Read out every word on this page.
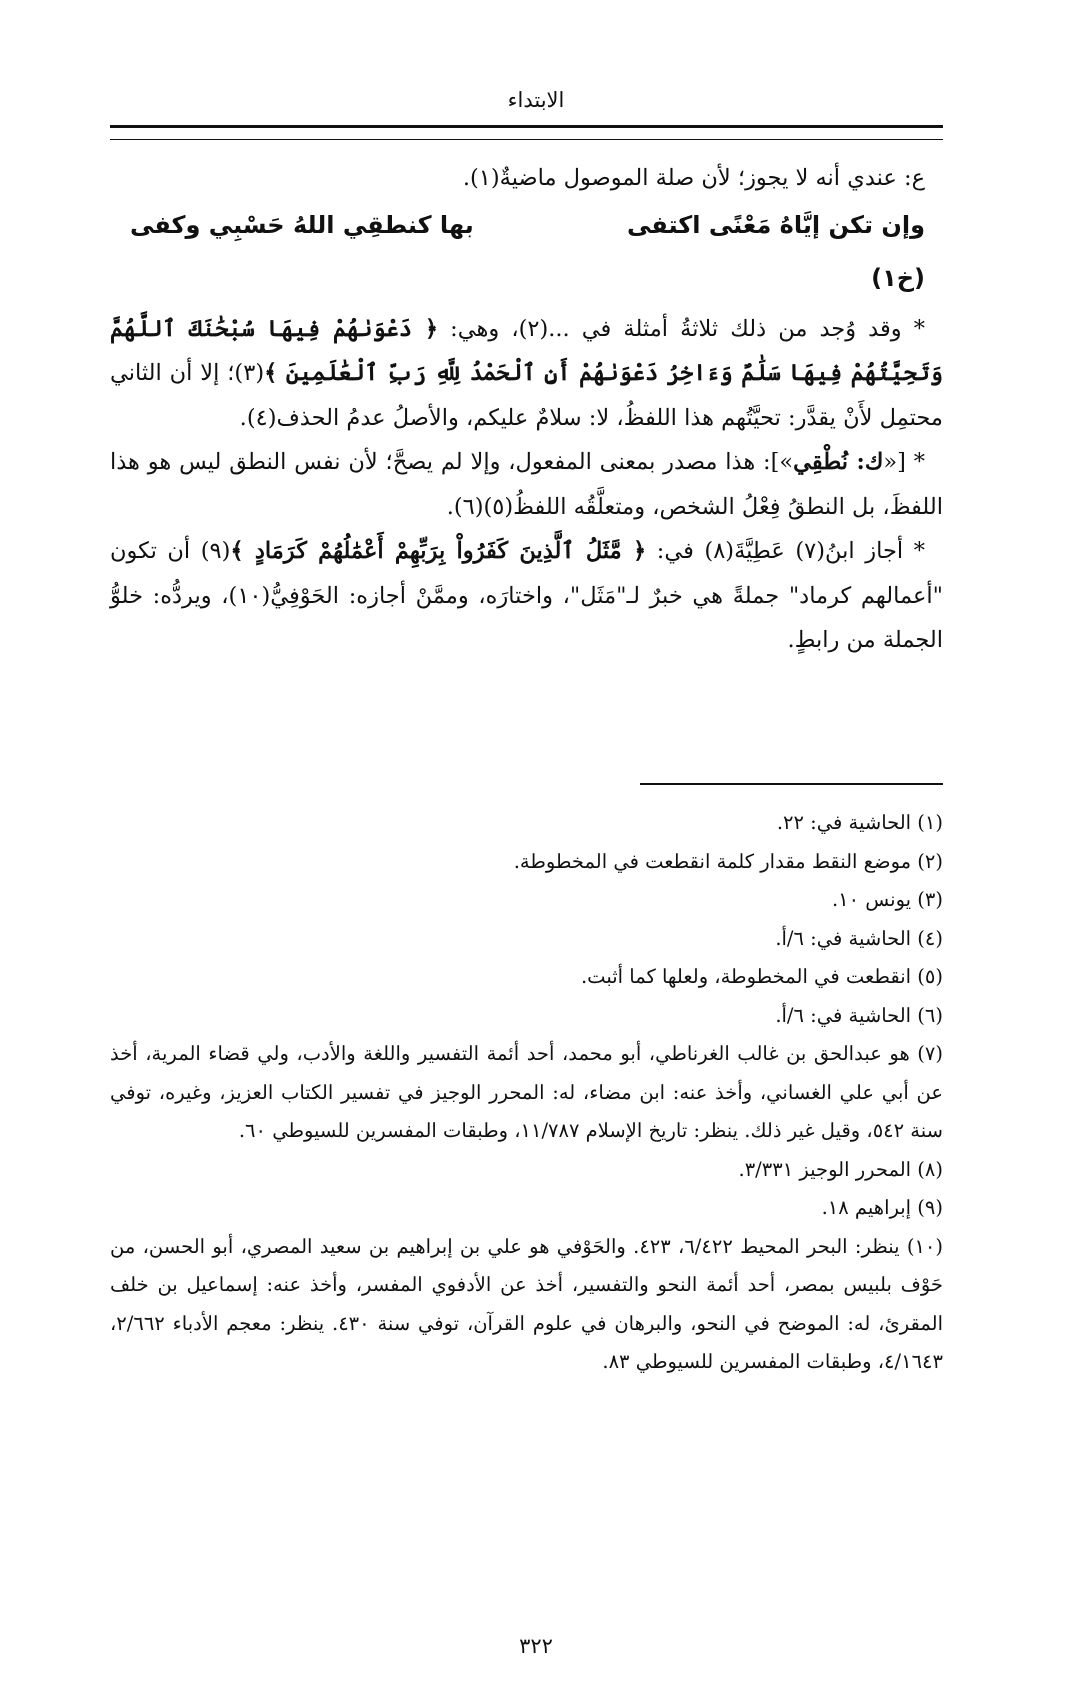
الابتداء

ع: عندي أنه لا يجوز؛ لأن صلة الموصول ماضيةٌ(١).

وإن تكن إيَّاهُ مَعْنًى اكتفى
بها كنطقِي اللهُ حَسْبِي وكفى
(خ١)

* وقد وُجد من ذلك ثلاثةُ أمثلة في ...(٢)، وهي: ﴿ دَعْوَىٰهُمْ فِيهَا سُبْحَٰنَكَ ٱللَّهُمَّ وَتَحِيَّتُهُمْ فِيهَا سَلَٰمٌ وَءَاخِرُ دَعْوَىٰهُمْ أَنِ ٱلْحَمْدُ لِلَّهِ رَبِّ ٱلْعَٰلَمِينَ ﴾(٣)؛ إلا أن الثاني محتمِل لأَنْ يقدَّر: تحيَّتُهم هذا اللفظُ، لا: سلامٌ عليكم، والأصلُ عدمُ الحذف(٤).

* [«ك: نُطْقِي»]: هذا مصدر بمعنى المفعول، وإلا لم يصحَّ؛ لأن نفس النطق ليس هو هذا اللفظَ، بل النطقُ فِعْلُ الشخص، ومتعلَّقُه اللفظُ(٥)(٦).

* أجاز ابنُ(٧) عَطِيَّةَ(٨) في: ﴿ مَّثَلُ ٱلَّذِينَ كَفَرُواْ بِرَبِّهِمْ أَعْمَٰلُهُمْ كَرَمَادٍ ﴾(٩) أن تكون "أعمالهم كرماد" جملةً هي خبرٌ لـ"مَثَل"، واختارَه، وممَّنْ أجازه: الحَوْفِيُّ(١٠)، ويردُّه: خلوُّ الجملة من رابطٍ.

(١) الحاشية في: ٢٢.

(٢) موضع النقط مقدار كلمة انقطعت في المخطوطة.

(٣) يونس ١٠.

(٤) الحاشية في: ٦/أ.

(٥) انقطعت في المخطوطة، ولعلها كما أثبت.

(٦) الحاشية في: ٦/أ.

(٧) هو عبدالحق بن غالب الغرناطي، أبو محمد، أحد أئمة التفسير واللغة والأدب، ولي قضاء المرية، أخذ عن أبي علي الغساني، وأخذ عنه: ابن مضاء، له: المحرر الوجيز في تفسير الكتاب العزيز، وغيره، توفي سنة ٥٤٢، وقيل غير ذلك. ينظر: تاريخ الإسلام ١١/٧٨٧، وطبقات المفسرين للسيوطي ٦٠.

(٨) المحرر الوجيز ٣/٣٣١.

(٩) إبراهيم ١٨.

(١٠) ينظر: البحر المحيط ٦/٤٢٢، ٤٢٣. والحَوْفي هو علي بن إبراهيم بن سعيد المصري، أبو الحسن، من حَوْف بلبيس بمصر، أحد أئمة النحو والتفسير، أخذ عن الأدفوي المفسر، وأخذ عنه: إسماعيل بن خلف المقرئ، له: الموضح في النحو، والبرهان في علوم القرآن، توفي سنة ٤٣٠. ينظر: معجم الأدباء ٢/٦٦٢، ٤/١٦٤٣، وطبقات المفسرين للسيوطي ٨٣.

٣٢٢
